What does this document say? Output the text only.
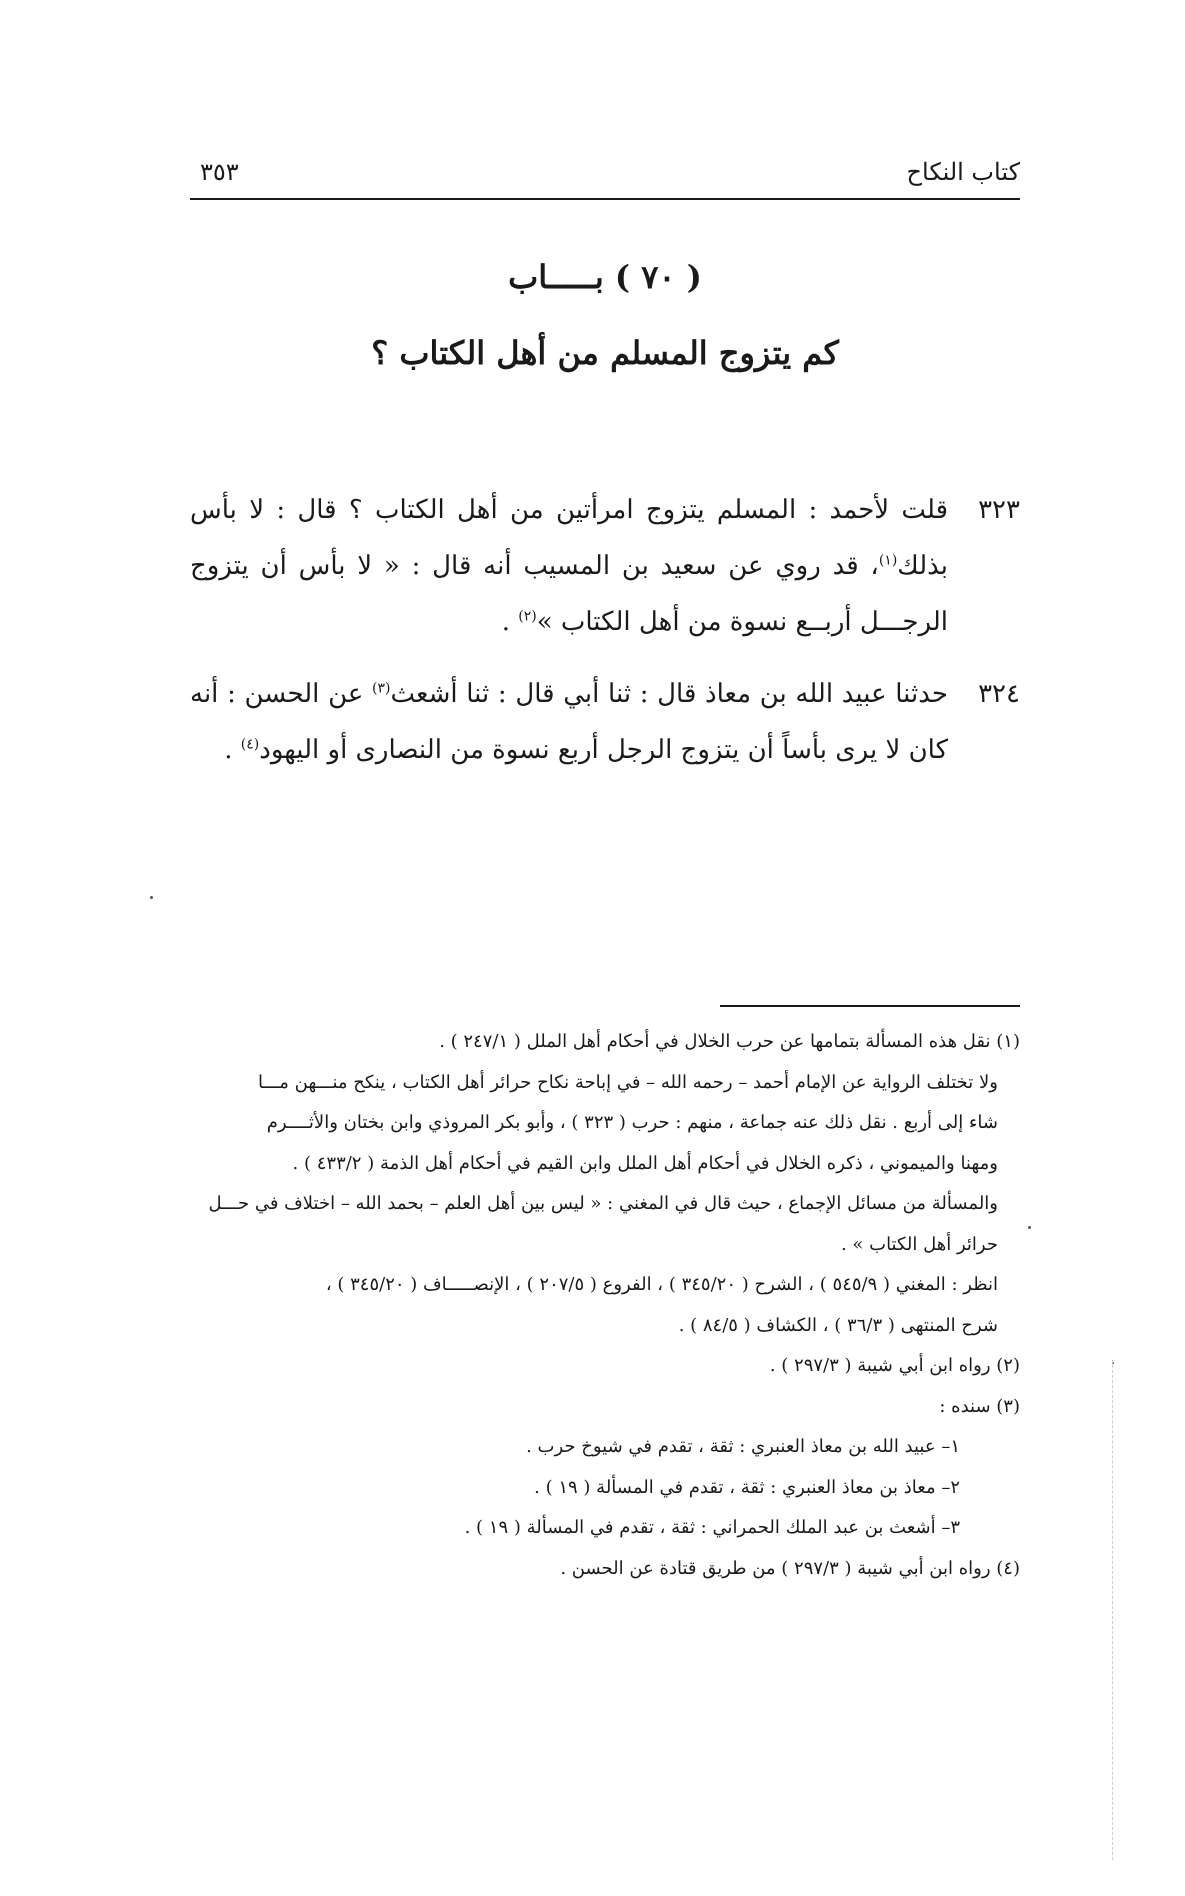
كتاب النكاح
٣٥٣
( ٧٠ ) بـــــاب
كم يتزوج المسلم من أهل الكتاب ؟
٣٢٣
قلت لأحمد : المسلم يتزوج امرأتين من أهل الكتاب ؟ قال : لا بأس بذلك$^{(١)}$، قد روي عن سعيد بن المسيب أنه قال : « لا بأس أن يتزوج الرجـــل أربــع نسوة من أهل الكتاب »$^{(٢)}$ .
٣٢٤
حدثنا عبيد الله بن معاذ قال : ثنا أبي قال : ثنا أشعث$^{(٣)}$ عن الحسن : أنه كان لا يرى بأساً أن يتزوج الرجل أربع نسوة من النصارى أو اليهود$^{(٤)}$ .
(١) نقل هذه المسألة بتمامها عن حرب الخلال في أحكام أهل الملل ( ٢٤٧/١ ) .
ولا تختلف الرواية عن الإمام أحمد – رحمه الله – في إباحة نكاح حرائر أهل الكتاب ، ينكح منـــهن مـــا
شاء إلى أربع . نقل ذلك عنه جماعة ، منهم : حرب ( ٣٢٣ ) ، وأبو بكر المروذي وابن بختان والأثــــرم
ومهنا والميموني ، ذكره الخلال في أحكام أهل الملل وابن القيم في أحكام أهل الذمة ( ٤٣٣/٢ ) .
والمسألة من مسائل الإجماع ، حيث قال في المغني : « ليس بين أهل العلم – بحمد الله – اختلاف في حـــل
حرائر أهل الكتاب » .
انظر : المغني ( ٥٤٥/٩ ) ، الشرح ( ٣٤٥/٢٠ ) ، الفروع ( ٢٠٧/٥ ) ، الإنصـــــاف ( ٣٤٥/٢٠ ) ،
شرح المنتهى ( ٣٦/٣ ) ، الكشاف ( ٨٤/٥ ) .
(٢) رواه ابن أبي شيبة ( ٢٩٧/٣ ) .
(٣) سنده :
١– عبيد الله بن معاذ العنبري : ثقة ، تقدم في شيوخ حرب .
٢– معاذ بن معاذ العنبري : ثقة ، تقدم في المسألة ( ١٩ ) .
٣– أشعث بن عبد الملك الحمراني : ثقة ، تقدم في المسألة ( ١٩ ) .
(٤) رواه ابن أبي شيبة ( ٢٩٧/٣ ) من طريق قتادة عن الحسن .
